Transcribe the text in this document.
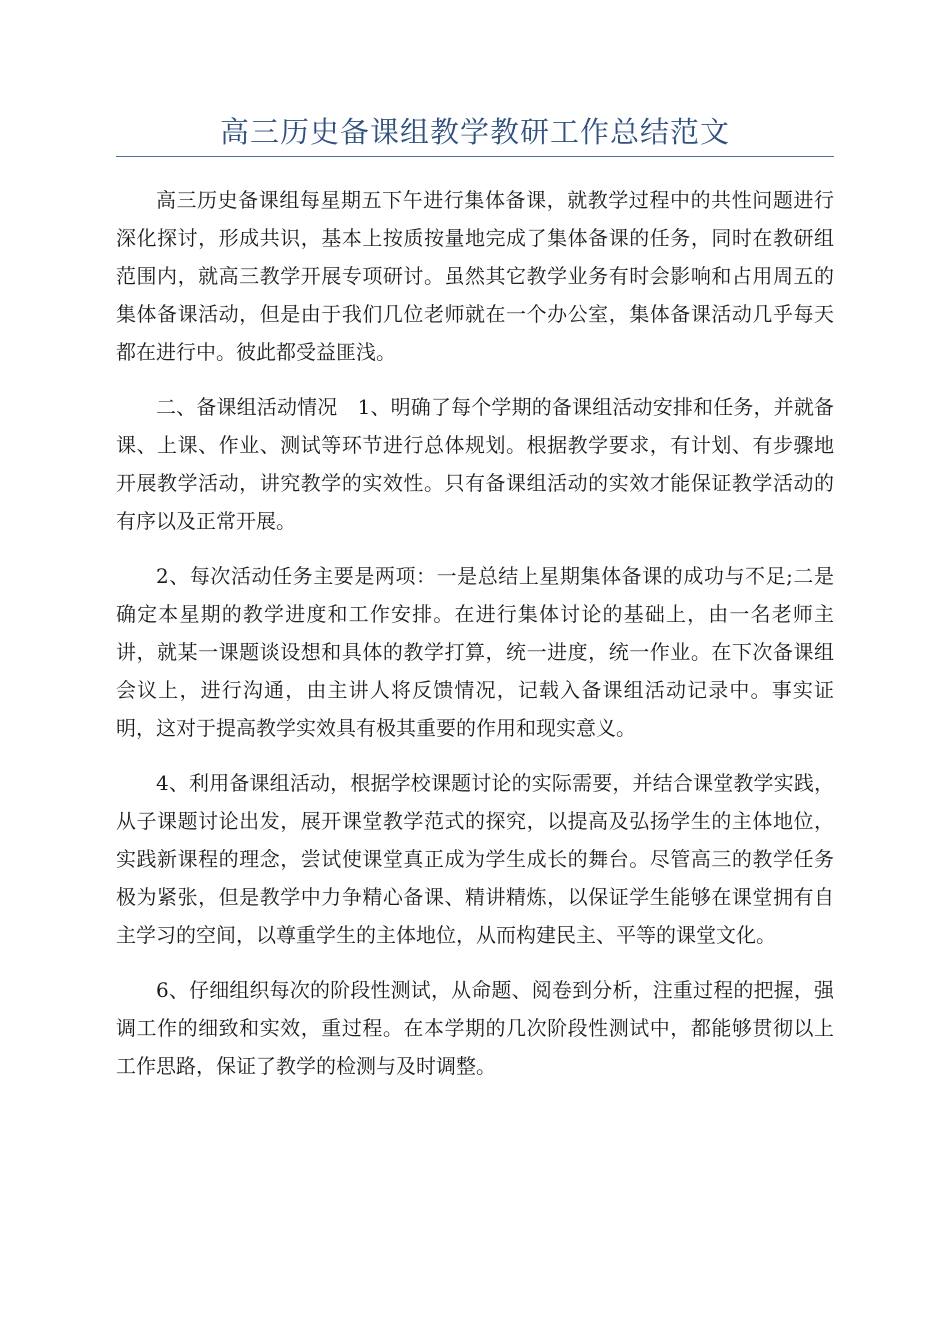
高三历史备课组教学教研工作总结范文

高三历史备课组每星期五下午进行集体备课，就教学过程中的共性问题进行深化探讨，形成共识，基本上按质按量地完成了集体备课的任务，同时在教研组范围内，就高三教学开展专项研讨。虽然其它教学业务有时会影响和占用周五的集体备课活动，但是由于我们几位老师就在一个办公室，集体备课活动几乎每天都在进行中。彼此都受益匪浅。

二、备课组活动情况　1、明确了每个学期的备课组活动安排和任务，并就备课、上课、作业、测试等环节进行总体规划。根据教学要求，有计划、有步骤地开展教学活动，讲究教学的实效性。只有备课组活动的实效才能保证教学活动的有序以及正常开展。

2、每次活动任务主要是两项：一是总结上星期集体备课的成功与不足;二是确定本星期的教学进度和工作安排。在进行集体讨论的基础上，由一名老师主讲，就某一课题谈设想和具体的教学打算，统一进度，统一作业。在下次备课组会议上，进行沟通，由主讲人将反馈情况，记载入备课组活动记录中。事实证明，这对于提高教学实效具有极其重要的作用和现实意义。

4、利用备课组活动，根据学校课题讨论的实际需要，并结合课堂教学实践，从子课题讨论出发，展开课堂教学范式的探究，以提高及弘扬学生的主体地位，实践新课程的理念，尝试使课堂真正成为学生成长的舞台。尽管高三的教学任务极为紧张，但是教学中力争精心备课、精讲精炼，以保证学生能够在课堂拥有自主学习的空间，以尊重学生的主体地位，从而构建民主、平等的课堂文化。

6、仔细组织每次的阶段性测试，从命题、阅卷到分析，注重过程的把握，强调工作的细致和实效，重过程。在本学期的几次阶段性测试中，都能够贯彻以上工作思路，保证了教学的检测与及时调整。
